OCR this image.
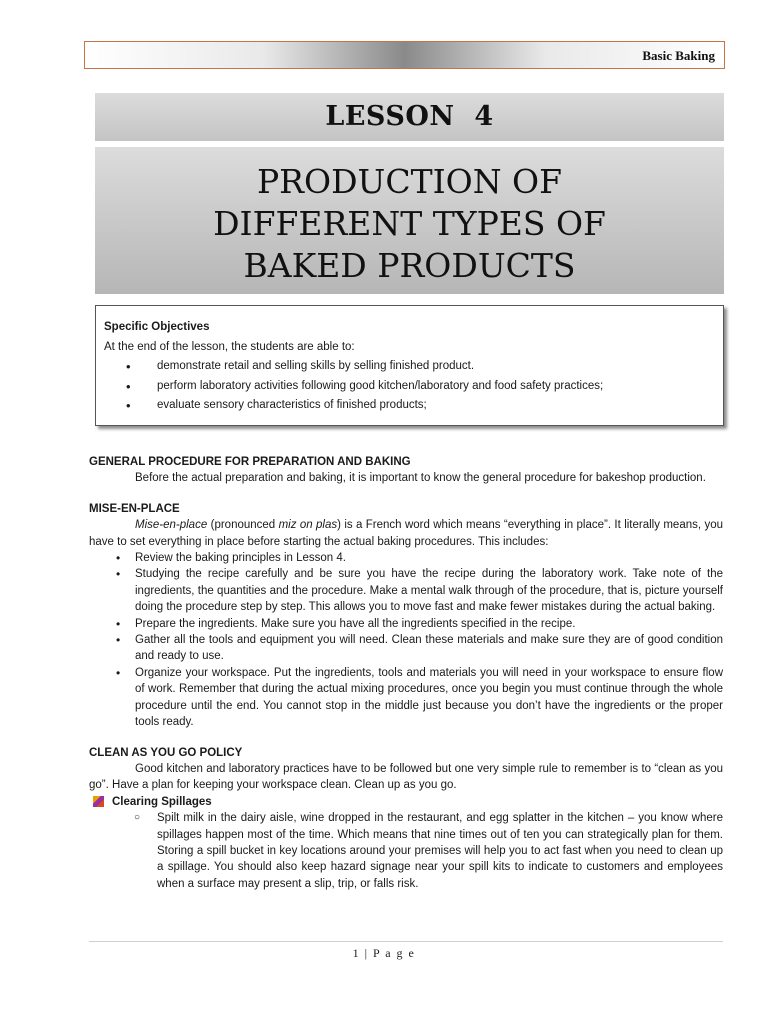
Basic Baking
LESSON  4
PRODUCTION OF
DIFFERENT TYPES OF
BAKED PRODUCTS
Specific Objectives
At the end of the lesson, the students are able to:
• demonstrate retail and selling skills by selling finished product.
• perform laboratory activities following good kitchen/laboratory and food safety practices;
• evaluate sensory characteristics of finished products;
GENERAL PROCEDURE FOR PREPARATION AND BAKING
Before the actual preparation and baking, it is important to know the general procedure for bakeshop production.
MISE-EN-PLACE
Mise-en-place (pronounced miz on plas) is a French word which means “everything in place”. It literally means, you have to set everything in place before starting the actual baking procedures. This includes:
• Review the baking principles in Lesson 4.
• Studying the recipe carefully and be sure you have the recipe during the laboratory work. Take note of the ingredients, the quantities and the procedure. Make a mental walk through of the procedure, that is, picture yourself doing the procedure step by step. This allows you to move fast and make fewer mistakes during the actual baking.
• Prepare the ingredients. Make sure you have all the ingredients specified in the recipe.
• Gather all the tools and equipment you will need. Clean these materials and make sure they are of good condition and ready to use.
• Organize your workspace. Put the ingredients, tools and materials you will need in your workspace to ensure flow of work. Remember that during the actual mixing procedures, once you begin you must continue through the whole procedure until the end. You cannot stop in the middle just because you don’t have the ingredients or the proper tools ready.
CLEAN AS YOU GO POLICY
Good kitchen and laboratory practices have to be followed but one very simple rule to remember is to “clean as you go”. Have a plan for keeping your workspace clean. Clean up as you go.
Clearing Spillages
○ Spilt milk in the dairy aisle, wine dropped in the restaurant, and egg splatter in the kitchen – you know where spillages happen most of the time. Which means that nine times out of ten you can strategically plan for them. Storing a spill bucket in key locations around your premises will help you to act fast when you need to clean up a spillage. You should also keep hazard signage near your spill kits to indicate to customers and employees when a surface may present a slip, trip, or falls risk.
1 | P a g e
